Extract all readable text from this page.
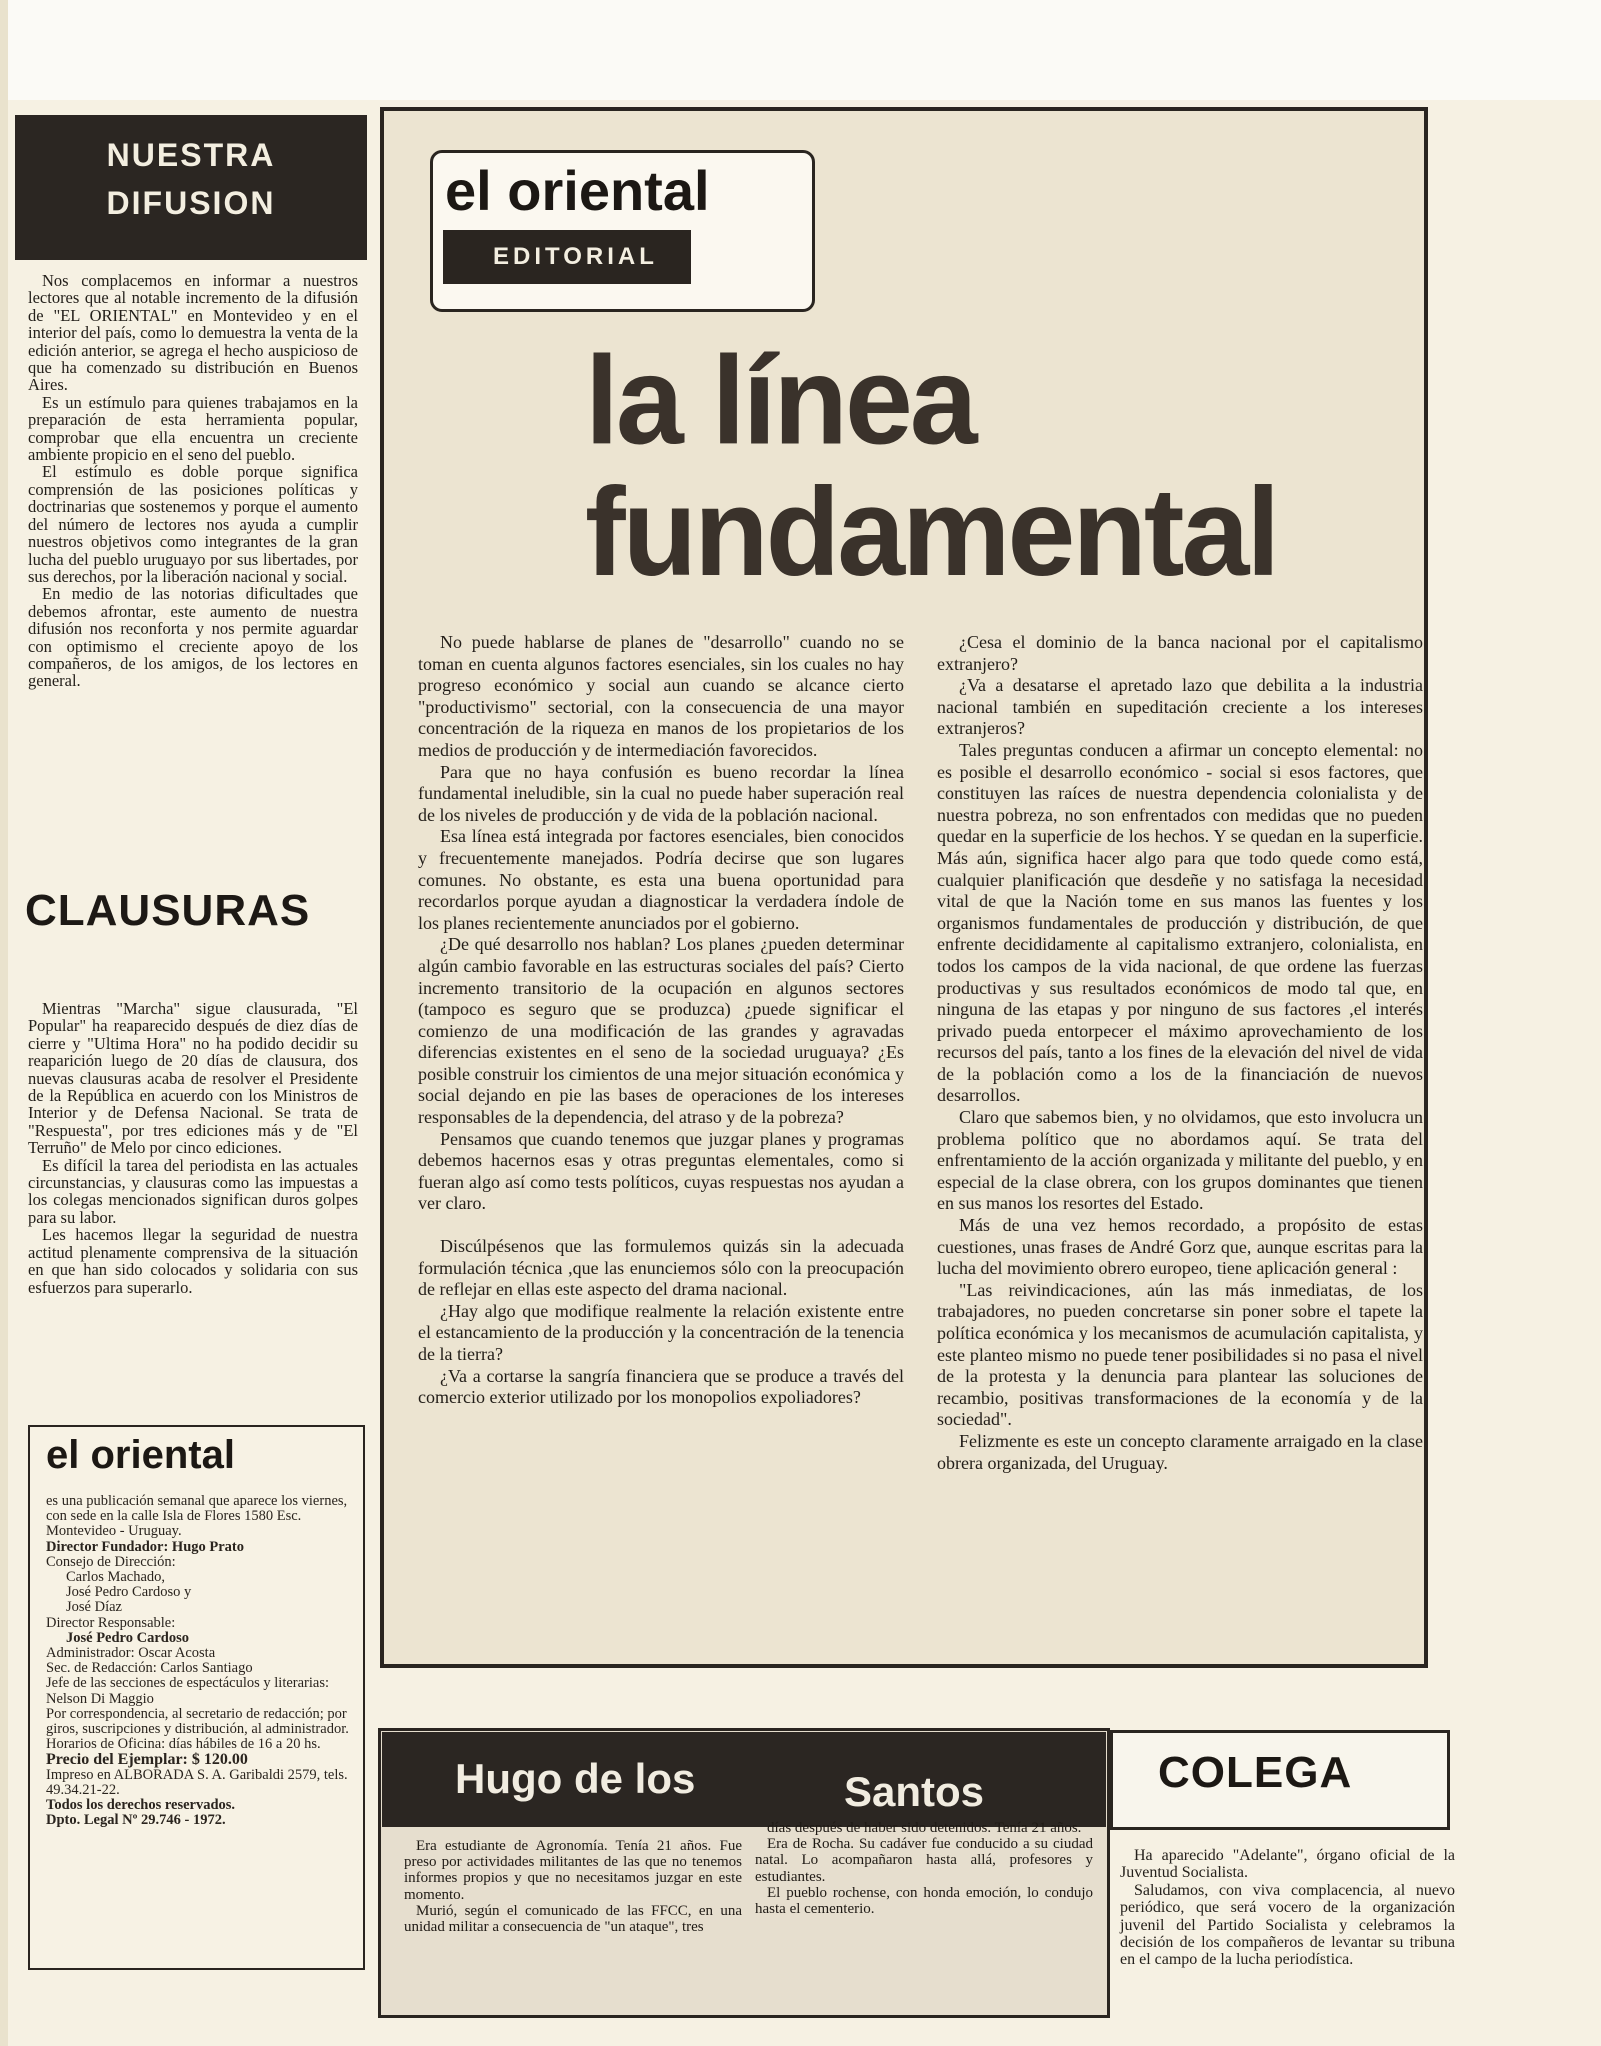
NUESTRA
DIFUSION

Nos complacemos en informar a nuestros lectores que al notable incremento de la difusión de "EL ORIENTAL" en Montevideo y en el interior del país, como lo demuestra la venta de la edición anterior, se agrega el hecho auspicioso de que ha comenzado su distribución en Buenos Aires.

Es un estímulo para quienes trabajamos en la preparación de esta herramienta popular, comprobar que ella encuentra un creciente ambiente propicio en el seno del pueblo.

El estímulo es doble porque significa comprensión de las posiciones políticas y doctrinarias que sostenemos y porque el aumento del número de lectores nos ayuda a cumplir nuestros objetivos como integrantes de la gran lucha del pueblo uruguayo por sus libertades, por sus derechos, por la liberación nacional y social.

En medio de las notorias dificultades que debemos afrontar, este aumento de nuestra difusión nos reconforta y nos permite aguardar con optimismo el creciente apoyo de los compañeros, de los amigos, de los lectores en general.

CLAUSURAS

Mientras "Marcha" sigue clausurada, "El Popular" ha reaparecido después de diez días de cierre y "Ultima Hora" no ha podido decidir su reaparición luego de 20 días de clausura, dos nuevas clausuras acaba de resolver el Presidente de la República en acuerdo con los Ministros de Interior y de Defensa Nacional. Se trata de "Respuesta", por tres ediciones más y de "El Terruño" de Melo por cinco ediciones.

Es difícil la tarea del periodista en las actuales circunstancias, y clausuras como las impuestas a los colegas mencionados significan duros golpes para su labor.

Les hacemos llegar la seguridad de nuestra actitud plenamente comprensiva de la situación en que han sido colocados y solidaria con sus esfuerzos para superarlo.

el oriental
es una publicación semanal que aparece los viernes, con sede en la calle Isla de Flores 1580 Esc. Montevideo - Uruguay.
Director Fundador: Hugo Prato
Consejo de Dirección:
Carlos Machado,
José Pedro Cardoso y
José Díaz
Director Responsable:
José Pedro Cardoso
Administrador: Oscar Acosta
Sec. de Redacción: Carlos Santiago
Jefe de las secciones de espectáculos y literarias: Nelson Di Maggio
Por correspondencia, al secretario de redacción; por giros, suscripciones y distribución, al administrador.
Horarios de Oficina: días hábiles de 16 a 20 hs.
Precio del Ejemplar: $ 120.00
Impreso en ALBORADA S. A. Garibaldi 2579, tels. 49.34.21-22.
Todos los derechos reservados.
Dpto. Legal Nº 29.746 - 1972.
el oriental
EDITORIAL
la línea
fundamental

No puede hablarse de planes de "desarrollo" cuando no se toman en cuenta algunos factores esenciales, sin los cuales no hay progreso económico y social aun cuando se alcance cierto "productivismo" sectorial, con la consecuencia de una mayor concentración de la riqueza en manos de los propietarios de los medios de producción y de intermediación favorecidos.

Para que no haya confusión es bueno recordar la línea fundamental ineludible, sin la cual no puede haber superación real de los niveles de producción y de vida de la población nacional.

Esa línea está integrada por factores esenciales, bien conocidos y frecuentemente manejados. Podría decirse que son lugares comunes. No obstante, es esta una buena oportunidad para recordarlos porque ayudan a diagnosticar la verdadera índole de los planes recientemente anunciados por el gobierno.

¿De qué desarrollo nos hablan? Los planes ¿pueden determinar algún cambio favorable en las estructuras sociales del país? Cierto incremento transitorio de la ocupación en algunos sectores (tampoco es seguro que se produzca) ¿puede significar el comienzo de una modificación de las grandes y agravadas diferencias existentes en el seno de la sociedad uruguaya? ¿Es posible construir los cimientos de una mejor situación económica y social dejando en pie las bases de operaciones de los intereses responsables de la dependencia, del atraso y de la pobreza?

Pensamos que cuando tenemos que juzgar planes y programas debemos hacernos esas y otras preguntas elementales, como si fueran algo así como tests políticos, cuyas respuestas nos ayudan a ver claro.

Discúlpésenos que las formulemos quizás sin la adecuada formulación técnica ,que las enunciemos sólo con la preocupación de reflejar en ellas este aspecto del drama nacional.

¿Hay algo que modifique realmente la relación existente entre el estancamiento de la producción y la concentración de la tenencia de la tierra?

¿Va a cortarse la sangría financiera que se produce a través del comercio exterior utilizado por los monopolios expoliadores?

¿Cesa el dominio de la banca nacional por el capitalismo extranjero?

¿Va a desatarse el apretado lazo que debilita a la industria nacional también en supeditación creciente a los intereses extranjeros?

Tales preguntas conducen a afirmar un concepto elemental: no es posible el desarrollo económico - social si esos factores, que constituyen las raíces de nuestra dependencia colonialista y de nuestra pobreza, no son enfrentados con medidas que no pueden quedar en la superficie de los hechos. Y se quedan en la superficie. Más aún, significa hacer algo para que todo quede como está, cualquier planificación que desdeñe y no satisfaga la necesidad vital de que la Nación tome en sus manos las fuentes y los organismos fundamentales de producción y distribución, de que enfrente decididamente al capitalismo extranjero, colonialista, en todos los campos de la vida nacional, de que ordene las fuerzas productivas y sus resultados económicos de modo tal que, en ninguna de las etapas y por ninguno de sus factores ,el interés privado pueda entorpecer el máximo aprovechamiento de los recursos del país, tanto a los fines de la elevación del nivel de vida de la población como a los de la financiación de nuevos desarrollos.

Claro que sabemos bien, y no olvidamos, que esto involucra un problema político que no abordamos aquí. Se trata del enfrentamiento de la acción organizada y militante del pueblo, y en especial de la clase obrera, con los grupos dominantes que tienen en sus manos los resortes del Estado.

Más de una vez hemos recordado, a propósito de estas cuestiones, unas frases de André Gorz que, aunque escritas para la lucha del movimiento obrero europeo, tiene aplicación general :

"Las reivindicaciones, aún las más inmediatas, de los trabajadores, no pueden concretarse sin poner sobre el tapete la política económica y los mecanismos de acumulación capitalista, y este planteo mismo no puede tener posibilidades si no pasa el nivel de la protesta y la denuncia para plantear las soluciones de recambio, positivas transformaciones de la economía y de la sociedad".

Felizmente es este un concepto claramente arraigado en la clase obrera organizada, del Uruguay.

Hugo de los	Santos

Era estudiante de Agronomía. Tenía 21 años. Fue preso por actividades militantes de las que no tenemos informes propios y que no necesitamos juzgar en este momento.

Murió, según el comunicado de las FFCC, en una unidad militar a consecuencia de "un ataque", tres

días después de haber sido detenidos. Tenía 21 años.

Era de Rocha. Su cadáver fue conducido a su ciudad natal. Lo acompañaron hasta allá, profesores y estudiantes.

El pueblo rochense, con honda emoción, lo condujo hasta el cementerio.

COLEGA

Ha aparecido "Adelante", órgano oficial de la Juventud Socialista.

Saludamos, con viva complacencia, al nuevo periódico, que será vocero de la organización juvenil del Partido Socialista y celebramos la decisión de los compañeros de levantar su tribuna en el campo de la lucha periodística.
